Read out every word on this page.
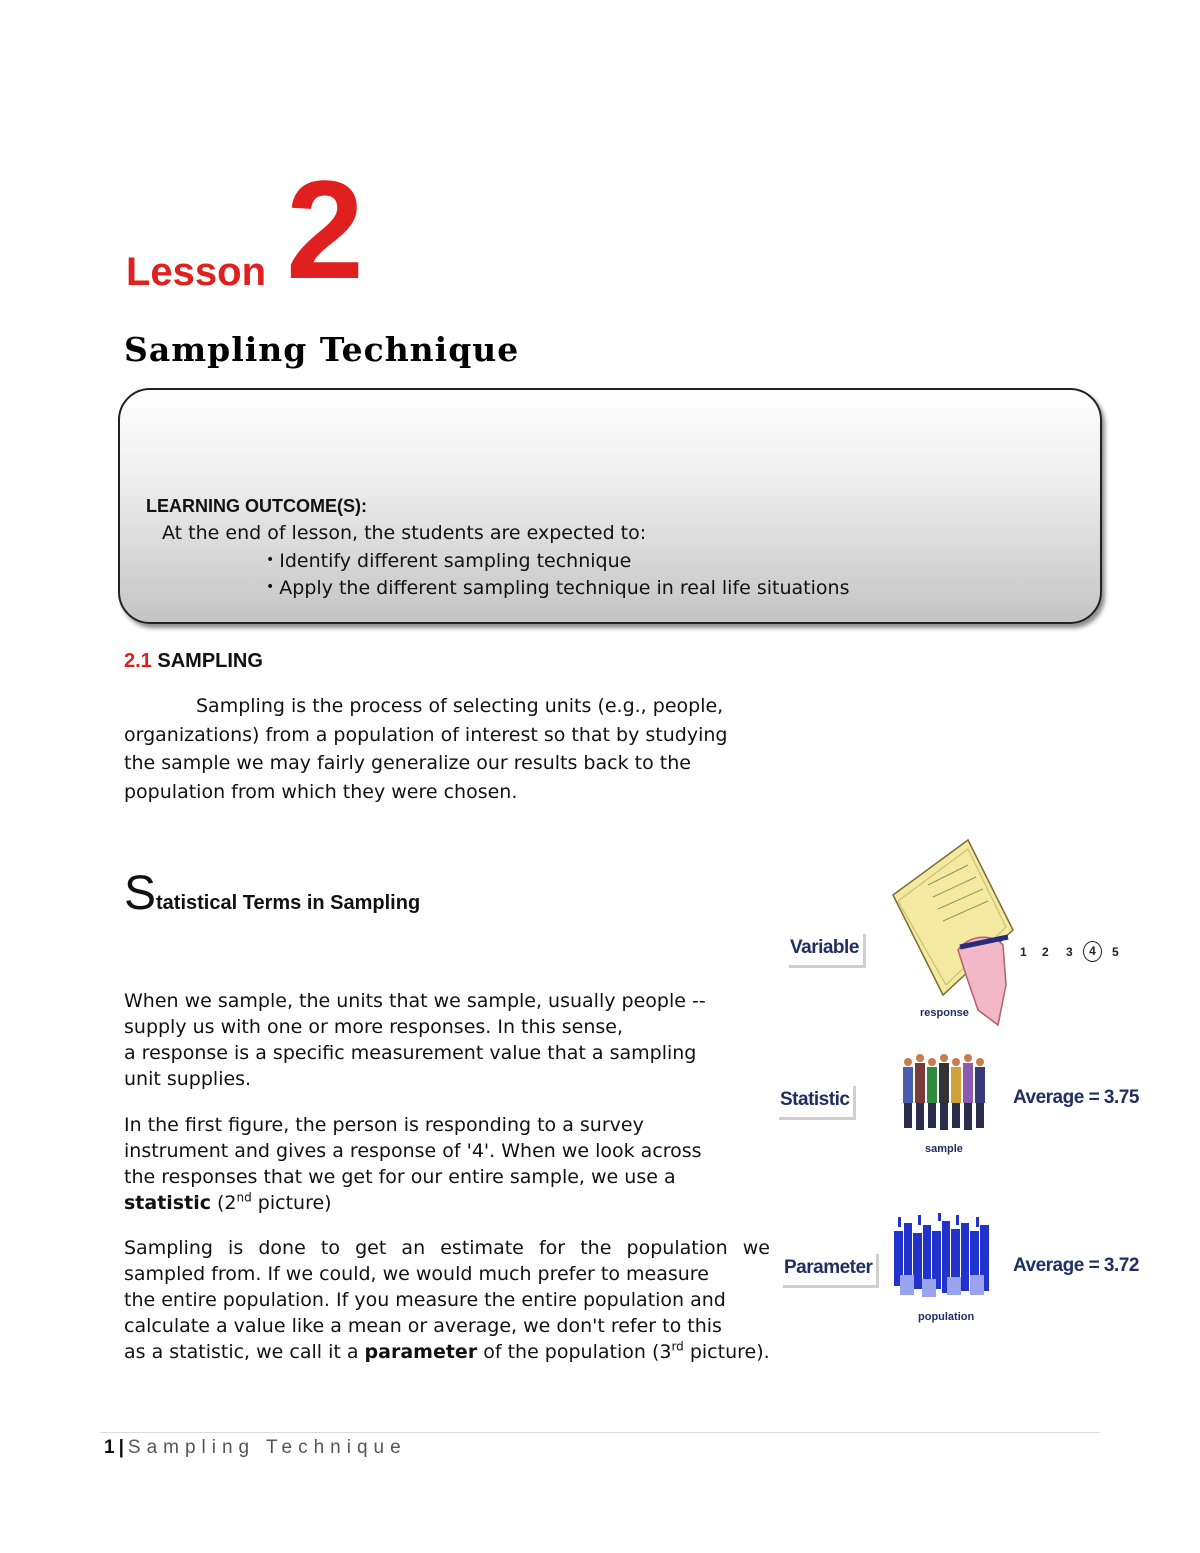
Lesson 2
Sampling Technique
LEARNING OUTCOME(S):
At the end of lesson, the students are expected to:
• Identify different sampling technique
• Apply the different sampling technique in real life situations
2.1 SAMPLING
Sampling is the process of selecting units (e.g., people,
organizations) from a population of interest so that by studying
the sample we may fairly generalize our results back to the
population from which they were chosen.
Statistical Terms in Sampling
When we sample, the units that we sample, usually people --
supply us with one or more responses. In this sense,
a response is a specific measurement value that a sampling
unit supplies.
In the first figure, the person is responding to a survey
instrument and gives a response of '4'. When we look across
the responses that we get for our entire sample, we use a
statistic (2nd picture)
Sampling is done to get an estimate for the population we
sampled from. If we could, we would much prefer to measure
the entire population. If you measure the entire population and
calculate a value like a mean or average, we don't refer to this
as a statistic, we call it a parameter of the population (3rd picture).
Variable
response
1 2 3	4	5
Statistic
sample
Average = 3.75
Parameter
population
Average = 3.72
1 | Sampling Technique
